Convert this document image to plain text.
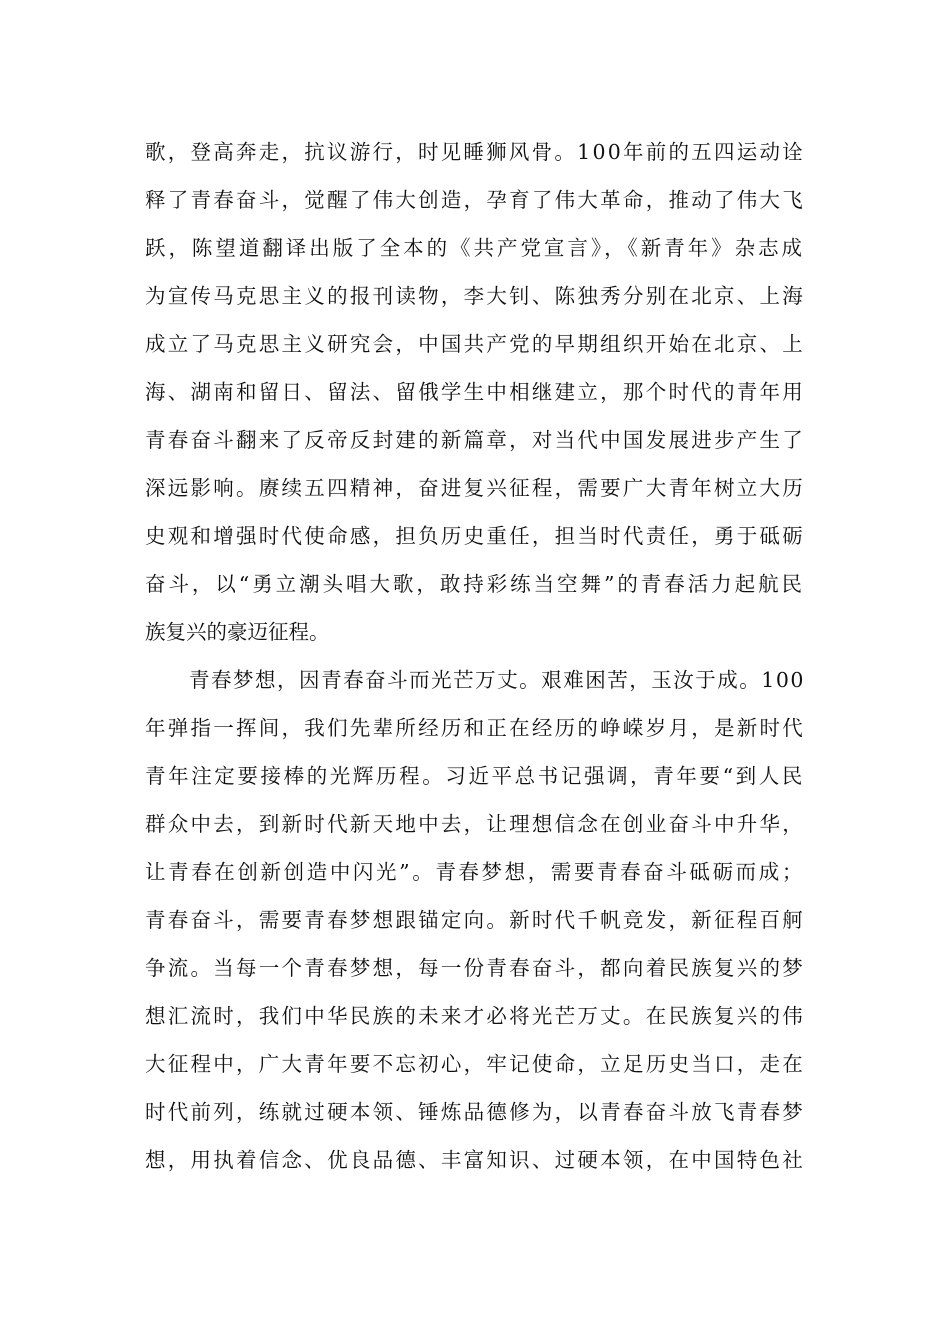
歌，登高奔走，抗议游行，时见睡狮风骨。100年前的五四运动诠
释了青春奋斗，觉醒了伟大创造，孕育了伟大革命，推动了伟大飞
跃，陈望道翻译出版了全本的《共产党宣言》，《新青年》杂志成
为宣传马克思主义的报刊读物，李大钊、陈独秀分别在北京、上海
成立了马克思主义研究会，中国共产党的早期组织开始在北京、上
海、湖南和留日、留法、留俄学生中相继建立，那个时代的青年用
青春奋斗翻来了反帝反封建的新篇章，对当代中国发展进步产生了
深远影响。赓续五四精神，奋进复兴征程，需要广大青年树立大历
史观和增强时代使命感，担负历史重任，担当时代责任，勇于砥砺
奋斗，以“勇立潮头唱大歌，敢持彩练当空舞”的青春活力起航民
族复兴的豪迈征程。
青春梦想，因青春奋斗而光芒万丈。艰难困苦，玉汝于成。100
年弹指一挥间，我们先辈所经历和正在经历的峥嵘岁月，是新时代
青年注定要接棒的光辉历程。习近平总书记强调，青年要“到人民
群众中去，到新时代新天地中去，让理想信念在创业奋斗中升华，
让青春在创新创造中闪光”。青春梦想，需要青春奋斗砥砺而成；
青春奋斗，需要青春梦想跟锚定向。新时代千帆竞发，新征程百舸
争流。当每一个青春梦想，每一份青春奋斗，都向着民族复兴的梦
想汇流时，我们中华民族的未来才必将光芒万丈。在民族复兴的伟
大征程中，广大青年要不忘初心，牢记使命，立足历史当口，走在
时代前列，练就过硬本领、锤炼品德修为，以青春奋斗放飞青春梦
想，用执着信念、优良品德、丰富知识、过硬本领，在中国特色社
